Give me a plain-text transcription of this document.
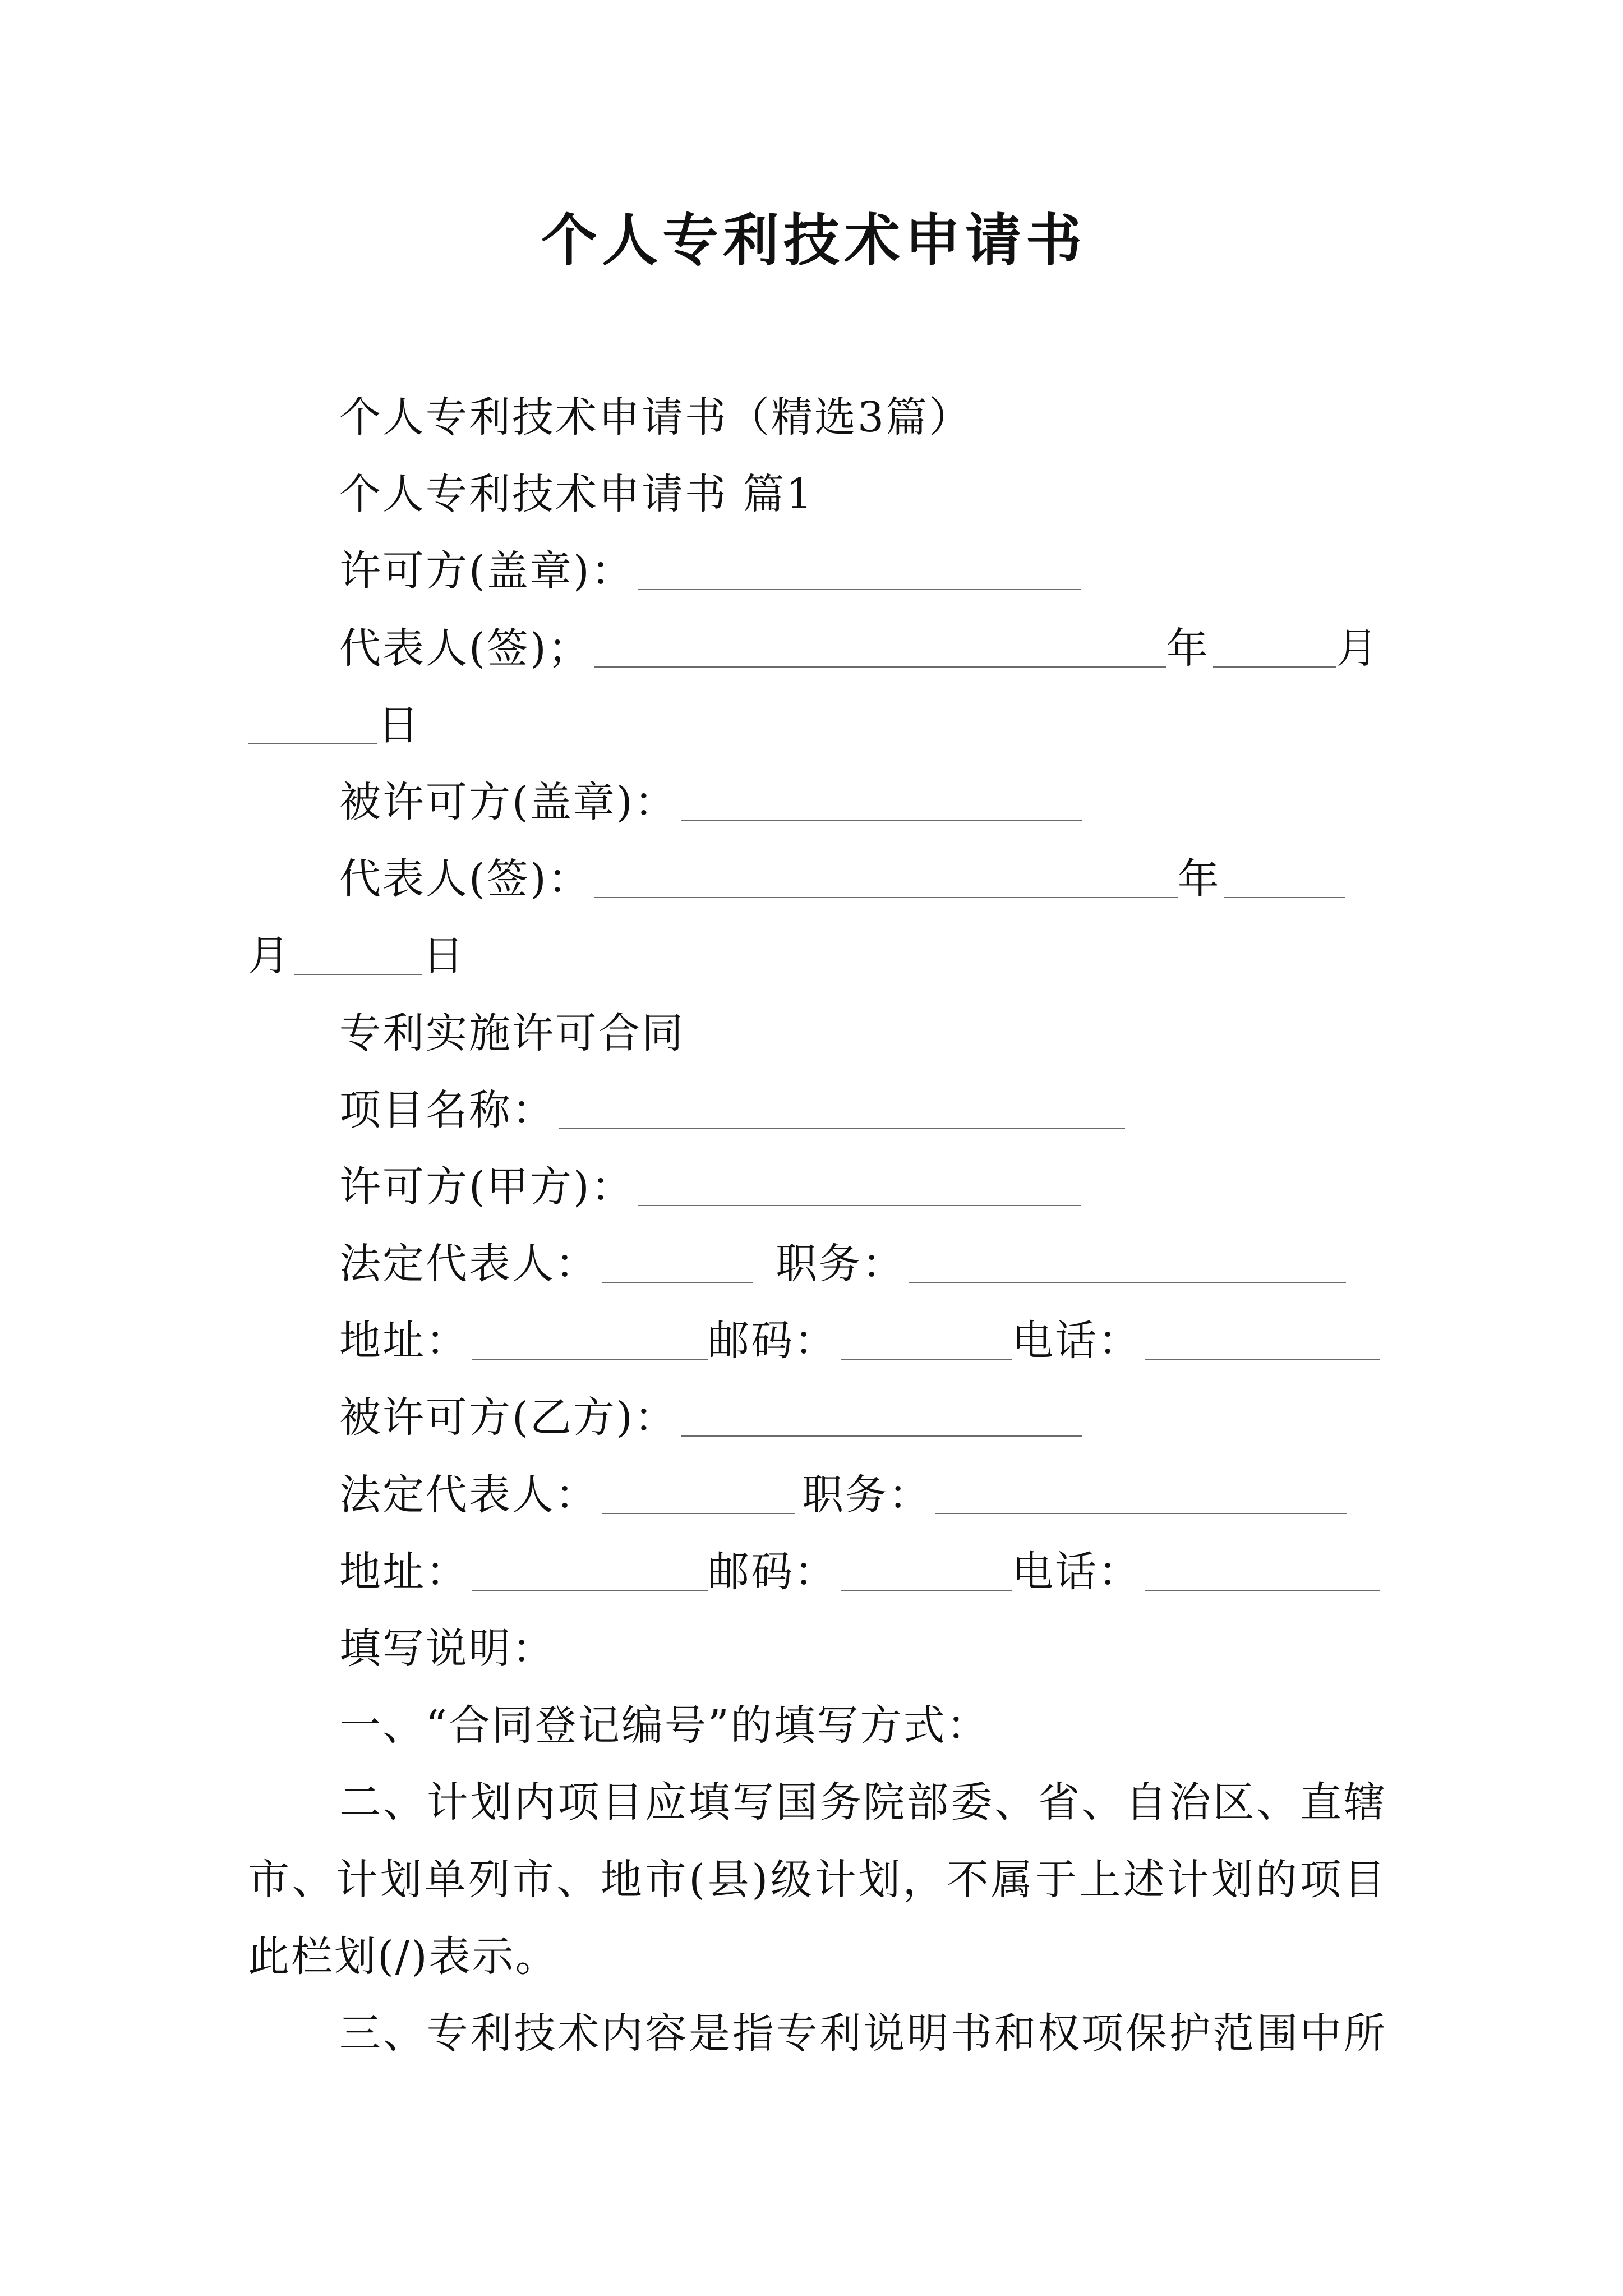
个人专利技术申请书
个人专利技术申请书（精选3篇）
个人专利技术申请书 篇1
许可方(盖章)：
代表人(签)；	年	月
日
被许可方(盖章)：
代表人(签)：	年
月	日
专利实施许可合同
项目名称：
许可方(甲方)：
法定代表人：	职务：
地址：	邮码：	电话：
被许可方(乙方)：
法定代表人：	职务：
地址：	邮码：	电话：
填写说明：
一、“合同登记编号”的填写方式：
二、计划内项目应填写国务院部委、省、自治区、直辖
市、计划单列市、地市(县)级计划，不属于上述计划的项目
此栏划(/)表示。
三、专利技术内容是指专利说明书和权项保护范围中所
